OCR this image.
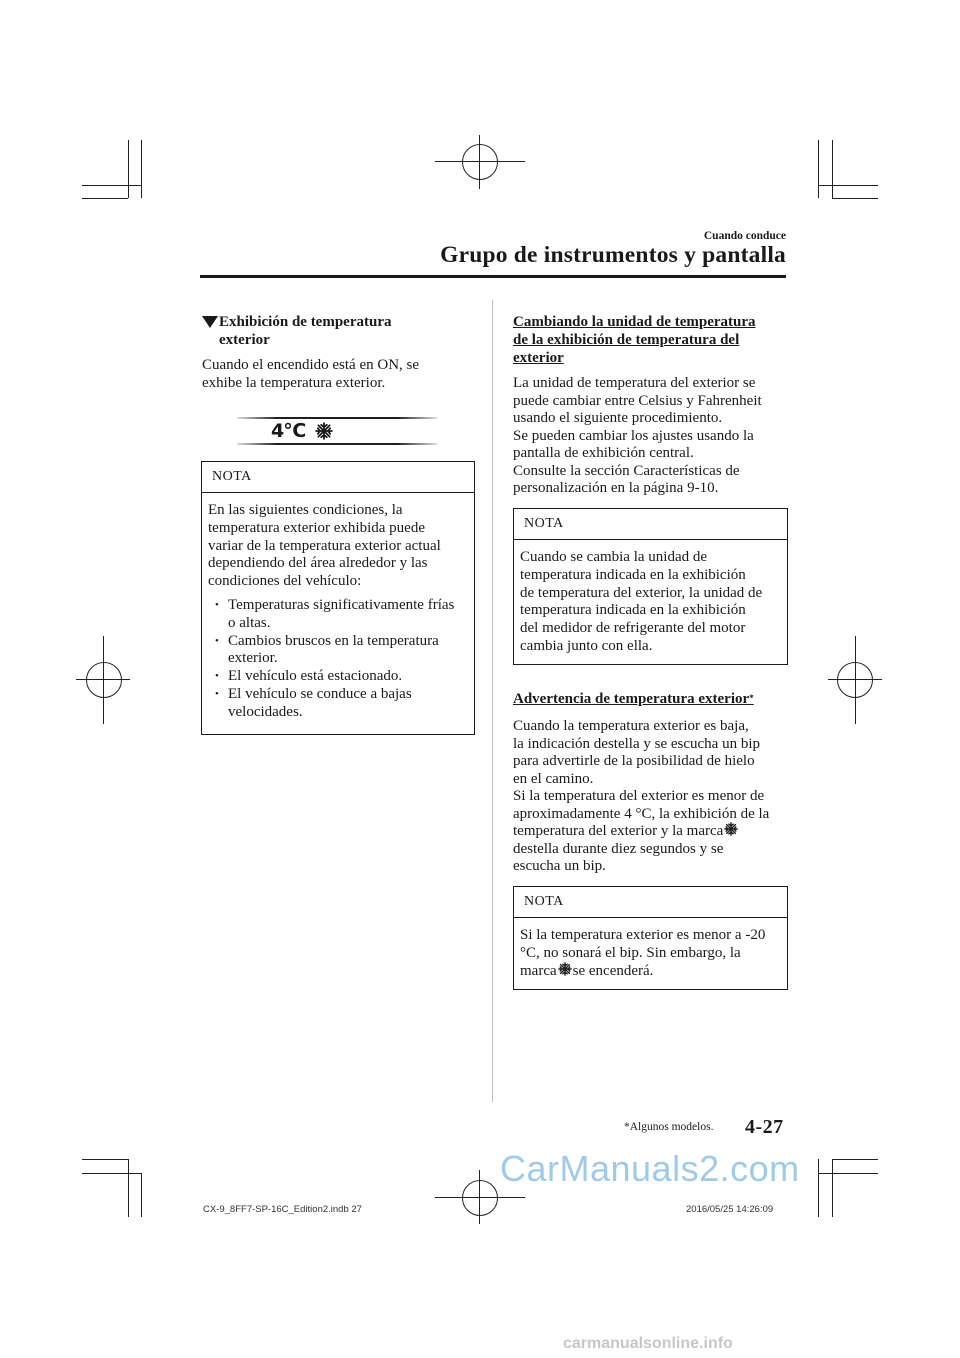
Cuando conduce
Grupo de instrumentos y pantalla
Exhibición de temperatura
exterior
Cuando el encendido está en ON, se
exhibe la temperatura exterior.
4℃
NOTA
En las siguientes condiciones, la
temperatura exterior exhibida puede
variar de la temperatura exterior actual
dependiendo del área alrededor y las
condiciones del vehículo:
• Temperaturas significativamente frías
o altas.
• Cambios bruscos en la temperatura
exterior.
• El vehículo está estacionado.
• El vehículo se conduce a bajas
velocidades.
Cambiando la unidad de temperatura
de la exhibición de temperatura del
exterior
La unidad de temperatura del exterior se
puede cambiar entre Celsius y Fahrenheit
usando el siguiente procedimiento.
Se pueden cambiar los ajustes usando la
pantalla de exhibición central.
Consulte la sección Características de
personalización en la página 9-10.
NOTA
Cuando se cambia la unidad de
temperatura indicada en la exhibición
de temperatura del exterior, la unidad de
temperatura indicada en la exhibición
del medidor de refrigerante del motor
cambia junto con ella.
Advertencia de temperatura exterior*
Cuando la temperatura exterior es baja,
la indicación destella y se escucha un bip
para advertirle de la posibilidad de hielo
en el camino.
Si la temperatura del exterior es menor de
aproximadamente 4 °C, la exhibición de la
temperatura del exterior y la marca
destella durante diez segundos y se
escucha un bip.
NOTA
Si la temperatura exterior es menor a -20
°C, no sonará el bip. Sin embargo, la
marca se encenderá.
*Algunos modelos. 4-27
CarManuals2.com
CX-9_8FF7-SP-16C_Edition2.indb 27	2016/05/25 14:26:09
carmanualsonline.info
